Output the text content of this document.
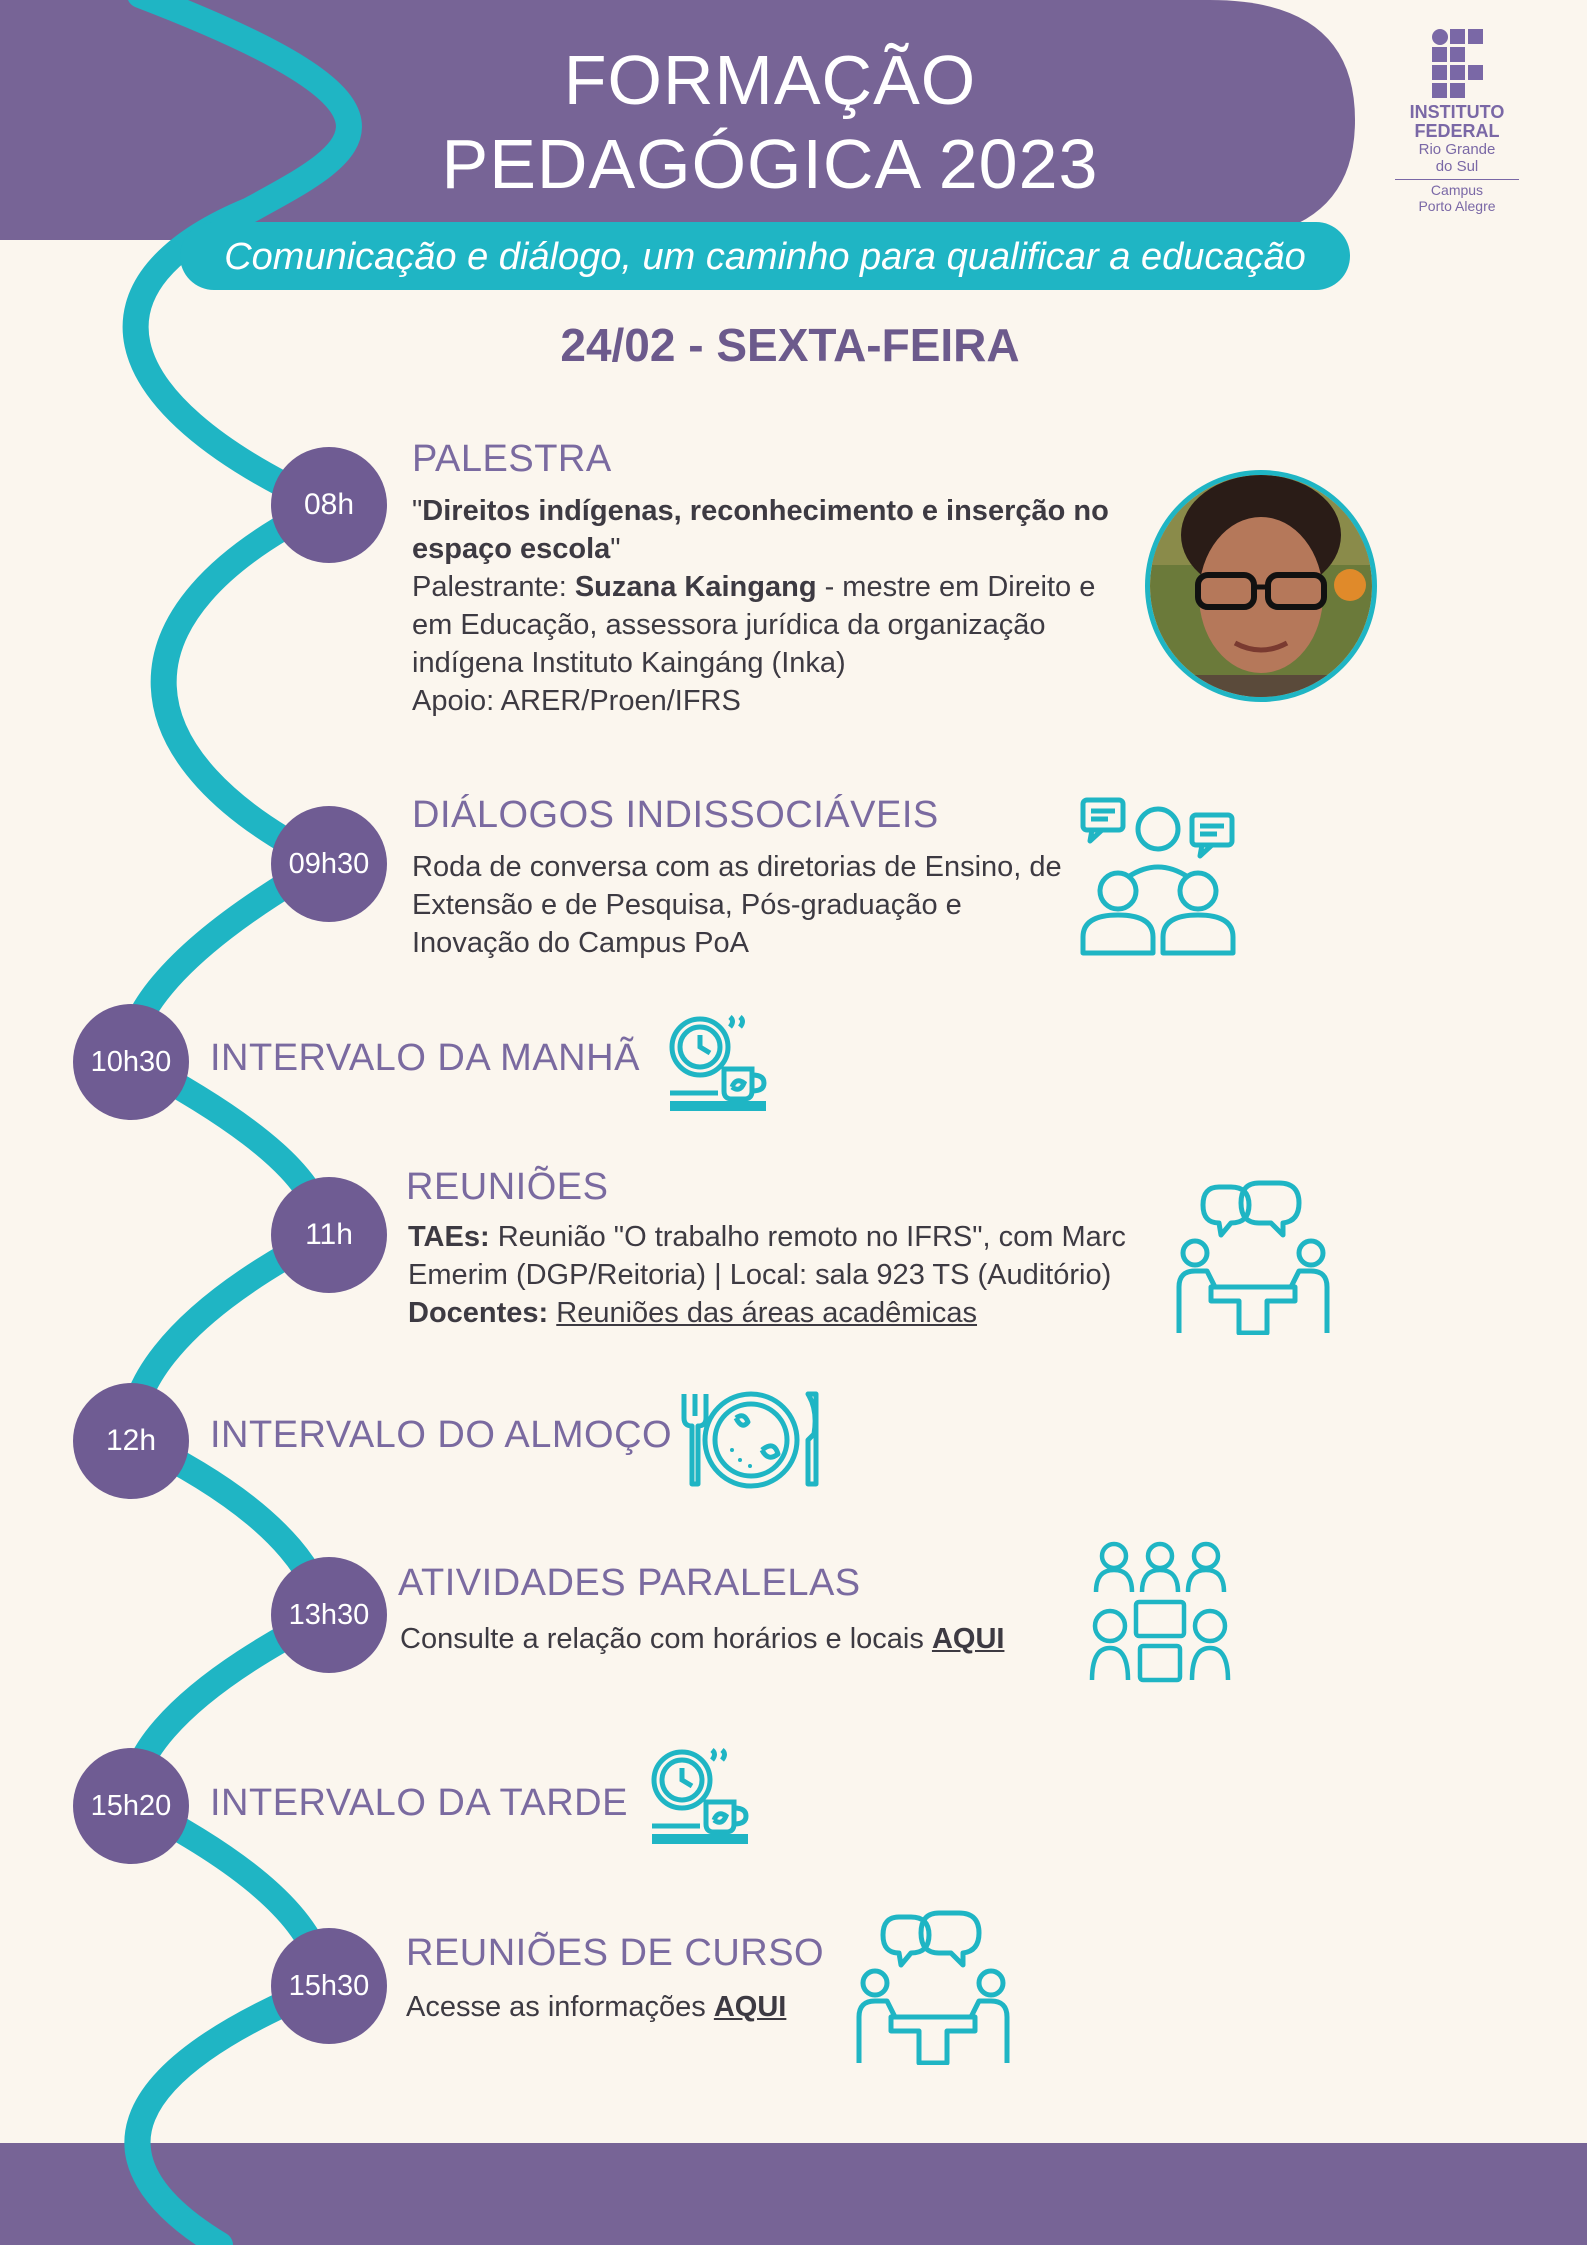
FORMAÇÃO
PEDAGÓGICA 2023
Comunicação e diálogo, um caminho para qualificar a educação
24/02 - SEXTA-FEIRA
INSTITUTO
FEDERAL
Rio Grande
do Sul
Campus
Porto Alegre
08h
PALESTRA
"Direitos indígenas, reconhecimento e inserção no espaço escola"
Palestrante: Suzana Kaingang - mestre em Direito e em Educação, assessora jurídica da organização indígena Instituto Kaingáng (Inka)
Apoio: ARER/Proen/IFRS
09h30
DIÁLOGOS INDISSOCIÁVEIS
Roda de conversa com as diretorias de Ensino, de Extensão e de Pesquisa, Pós-graduação e Inovação do Campus PoA
10h30	INTERVALO DA MANHÃ
11h
REUNIÕES
TAEs: Reunião "O trabalho remoto no IFRS", com Marc Emerim (DGP/Reitoria) | Local: sala 923 TS (Auditório)
Docentes: Reuniões das áreas acadêmicas
12h	INTERVALO DO ALMOÇO
13h30
ATIVIDADES PARALELAS
Consulte a relação com horários e locais AQUI
15h20	INTERVALO DA TARDE
15h30
REUNIÕES DE CURSO
Acesse as informações AQUI
